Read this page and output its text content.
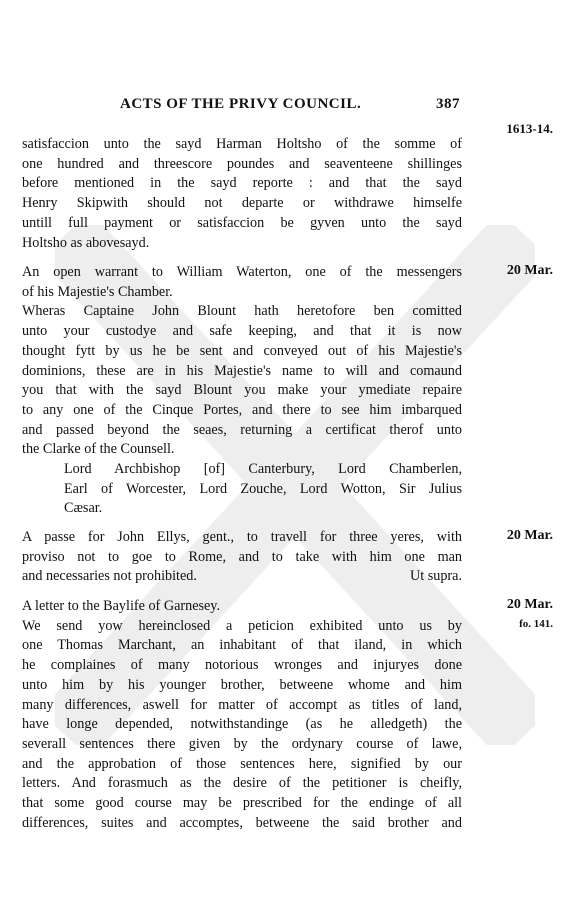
ACTS OF THE PRIVY COUNCIL.	387
1613-14.
satisfaccion unto the sayd Harman Holtsho of the somme of
one hundred and threescore poundes and seaventeene shillinges
before mentioned in the sayd reporte : and that the sayd
Henry Skipwith should not departe or withdrawe himselfe
untill full payment or satisfaccion be gyven unto the sayd
Holtsho as abovesayd.
An open warrant to William Waterton, one of the messengers
of his Majestie's Chamber.
Wheras Captaine John Blount hath heretofore ben comitted
unto your custodye and safe keeping, and that it is now
thought fytt by us he be sent and conveyed out of his Majestie's
dominions, these are in his Majestie's name to will and comaund
you that with the sayd Blount you make your ymediate repaire
to any one of the Cinque Portes, and there to see him imbarqued
and passed beyond the seaes, returning a certificat therof unto
the Clarke of the Counsell.
Lord Archbishop [of] Canterbury, Lord Chamberlen,
Earl of Worcester, Lord Zouche, Lord Wotton, Sir Julius
Cæsar.
20 Mar.
A passe for John Ellys, gent., to travell for three yeres, with
proviso not to goe to Rome, and to take with him one man
and necessaries not prohibited.	Ut supra.
20 Mar.
A letter to the Baylife of Garnesey.
We send yow hereinclosed a peticion exhibited unto us by
one Thomas Marchant, an inhabitant of that iland, in which
he complaines of many notorious wronges and injuryes done
unto him by his younger brother, betweene whome and him
many differences, aswell for matter of accompt as titles of land,
have longe depended, notwithstandinge (as he alledgeth) the
severall sentences there given by the ordynary course of lawe,
and the approbation of those sentences here, signified by our
letters. And forasmuch as the desire of the petitioner is cheifly,
that some good course may be prescribed for the endinge of all
differences, suites and accomptes, betweene the said brother and
20 Mar.
fo. 141.
